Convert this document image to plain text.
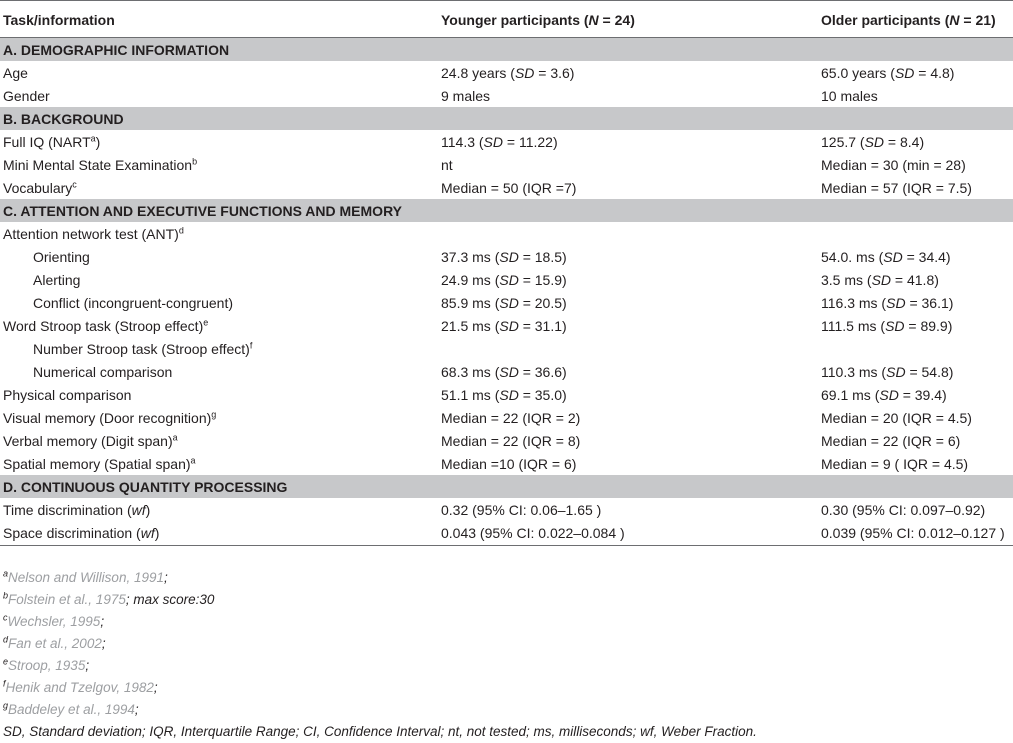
Task/information	Younger participants (N = 24)	Older participants (N = 21)
A. DEMOGRAPHIC INFORMATION		
Age	24.8 years (SD = 3.6)	65.0 years (SD = 4.8)
Gender	9 males	10 males
B. BACKGROUND		
Full IQ (NART$^a$)	114.3 (SD = 11.22)	125.7 (SD = 8.4)
Mini Mental State Examination$^b$	nt	Median = 30 (min = 28)
Vocabulary$^c$	Median = 50 (IQR =7)	Median = 57 (IQR = 7.5)
C. ATTENTION AND EXECUTIVE FUNCTIONS AND MEMORY		
Attention network test (ANT)$^d$		
Orienting	37.3 ms (SD = 18.5)	54.0. ms (SD = 34.4)
Alerting	24.9 ms (SD = 15.9)	3.5 ms (SD = 41.8)
Conflict (incongruent-congruent)	85.9 ms (SD = 20.5)	116.3 ms (SD = 36.1)
Word Stroop task (Stroop effect)$^e$	21.5 ms (SD = 31.1)	111.5 ms (SD = 89.9)
Number Stroop task (Stroop effect)$^f$		
Numerical comparison	68.3 ms (SD = 36.6)	110.3 ms (SD = 54.8)
Physical comparison	51.1 ms (SD = 35.0)	69.1 ms (SD = 39.4)
Visual memory (Door recognition)$^g$	Median = 22 (IQR = 2)	Median = 20 (IQR = 4.5)
Verbal memory (Digit span)$^a$	Median = 22 (IQR = 8)	Median = 22 (IQR = 6)
Spatial memory (Spatial span)$^a$	Median =10 (IQR = 6)	Median = 9 ( IQR = 4.5)
D. CONTINUOUS QUANTITY PROCESSING		
Time discrimination (wf)	0.32 (95% CI: 0.06–1.65 )	0.30 (95% CI: 0.097–0.92)
Space discrimination (wf)	0.043 (95% CI: 0.022–0.084 )	0.039 (95% CI: 0.012–0.127 )
$^a$Nelson and Willison, 1991;
$^b$Folstein et al., 1975; max score:30
$^c$Wechsler, 1995;
$^d$Fan et al., 2002;
$^e$Stroop, 1935;
$^f$Henik and Tzelgov, 1982;
$^g$Baddeley et al., 1994;
SD, Standard deviation; IQR, Interquartile Range; CI, Confidence Interval; nt, not tested; ms, milliseconds; wf, Weber Fraction.
